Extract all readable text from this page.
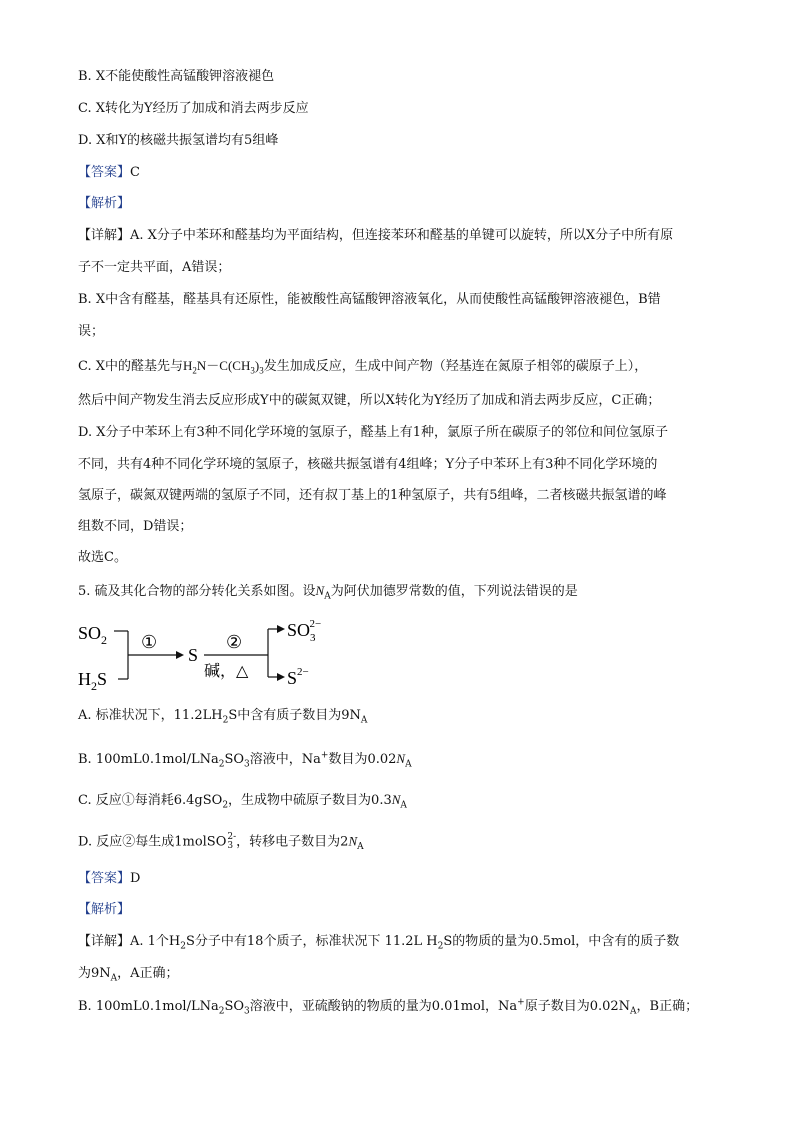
B. X不能使酸性高锰酸钾溶液褪色
C. X转化为Y经历了加成和消去两步反应
D. X和Y的核磁共振氢谱均有5组峰
【答案】C
【解析】
【详解】A. X分子中苯环和醛基均为平面结构，但连接苯环和醛基的单键可以旋转，所以X分子中所有原
子不一定共平面，A错误；
B. X中含有醛基，醛基具有还原性，能被酸性高锰酸钾溶液氧化，从而使酸性高锰酸钾溶液褪色，B错
误；
C. X中的醛基先与$H_2N-C(CH_3)_3$发生加成反应，生成中间产物（羟基连在氮原子相邻的碳原子上），
然后中间产物发生消去反应形成Y中的碳氮双键，所以X转化为Y经历了加成和消去两步反应，C正确；
D. X分子中苯环上有3种不同化学环境的氢原子，醛基上有1种，氯原子所在碳原子的邻位和间位氢原子
不同，共有4种不同化学环境的氢原子，核磁共振氢谱有4组峰；Y分子中苯环上有3种不同化学环境的
氢原子，碳氮双键两端的氢原子不同，还有叔丁基上的1种氢原子，共有5组峰，二者核磁共振氢谱的峰
组数不同，D错误；
故选C。
5. 硫及其化合物的部分转化关系如图。设$N_A$为阿伏加德罗常数的值，下列说法错误的是
$SO_2$
$H_2S$
①
S
②
碱，△
$SO_32-$
$S^{2-}$
A. 标准状况下，$11.2LH_2S$中含有质子数目为$9N_A$
B. $100mL0.1mol/LNa_2SO_3$溶液中，Na+数目为$0.02N_A$
C. 反应①每消耗6.4gSO$_2$，生成物中硫原子数目为$0.3N_A$
D. 反应②每生成1molSO 2-
3 ，转移电子数目为$2N_A$
【答案】D
【解析】
【详解】A. 1个$H_2S$分子中有18个质子，标准状况下 11.2L $H_2S$的物质的量为0.5mol，中含有的质子数
为$9N_A$，A正确；
B. $100mL0.1mol/LNa_2SO_3$溶液中，亚硫酸钠的物质的量为0.01mol，Na+原子数目为$0.02N_A$，B正确；
